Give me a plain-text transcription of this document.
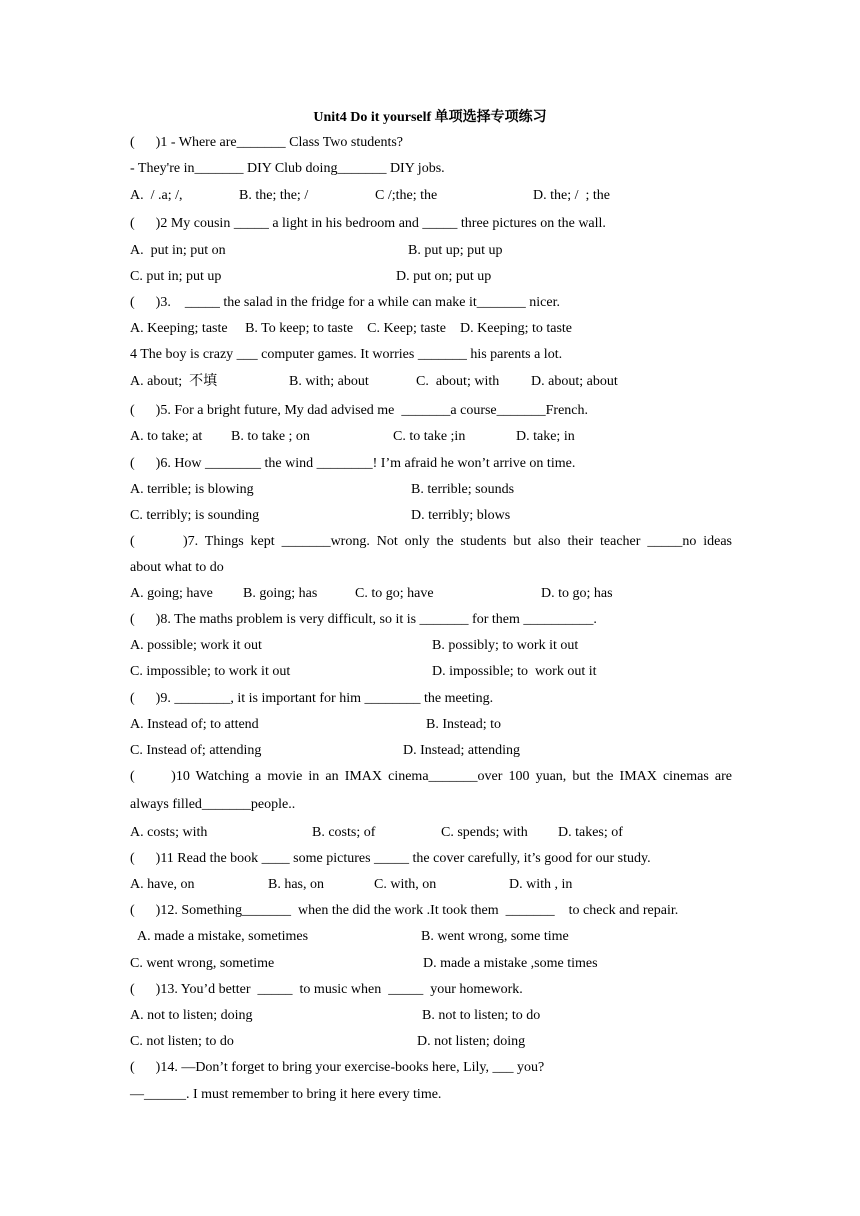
Unit4 Do it yourself 单项选择专项练习
(      )1 - Where are_______ Class Two students?
- They're in_______ DIY Club doing_______ DIY jobs.
A.  / .a; /,	B. the; the; /	C /;the; the	D. the; /  ; the
(      )2 My cousin _____ a light in his bedroom and _____ three pictures on the wall.
A.  put in; put on	B. put up; put up
C. put in; put up	D. put on; put up
(      )3.    _____ the salad in the fridge for a while can make it_______ nicer.
A. Keeping; taste     B. To keep; to taste    C. Keep; taste    D. Keeping; to taste
4 The boy is crazy ___ computer games. It worries _______ his parents a lot.
A. about;  不填	B. with; about	C.  about; with D. about; about
(      )5. For a bright future, My dad advised me  _______a course_______French.
A. to take; at B. to take ; on	C. to take ;in	D. take; in
(      )6. How ________ the wind ________! I’m afraid he won’t arrive on time.
A. terrible; is blowing	B. terrible; sounds
C. terribly; is sounding	D. terribly; blows
(       )7. Things kept _______wrong. Not only the students but also their teacher _____no ideas
about what to do
A. going; have B. going; has	C. to go; have	D. to go; has
(      )8. The maths problem is very difficult, so it is _______ for them __________.
A. possible; work it out	B. possibly; to work it out
C. impossible; to work it out	D. impossible; to  work out it
(      )9. ________, it is important for him ________ the meeting.
A. Instead of; to attend	B. Instead; to
C. Instead of; attending	D. Instead; attending
(      )10 Watching a movie in an IMAX cinema_______over 100 yuan, but the IMAX cinemas are
always filled_______people..
A. costs; with	B. costs; of	C. spends; with D. takes; of
(      )11 Read the book ____ some pictures _____ the cover carefully, it’s good for our study.
A. have, on	B. has, on	C. with, on	D. with , in
(      )12. Something_______  when the did the work .It took them  _______    to check and repair.
A. made a mistake, sometimes	B. went wrong, some time
C. went wrong, sometime	D. made a mistake ,some times
(      )13. You’d better  _____  to music when  _____  your homework.
A. not to listen; doing	B. not to listen; to do
C. not listen; to do	D. not listen; doing
(      )14. —Don’t forget to bring your exercise-books here, Lily, ___ you?
—______. I must remember to bring it here every time.
